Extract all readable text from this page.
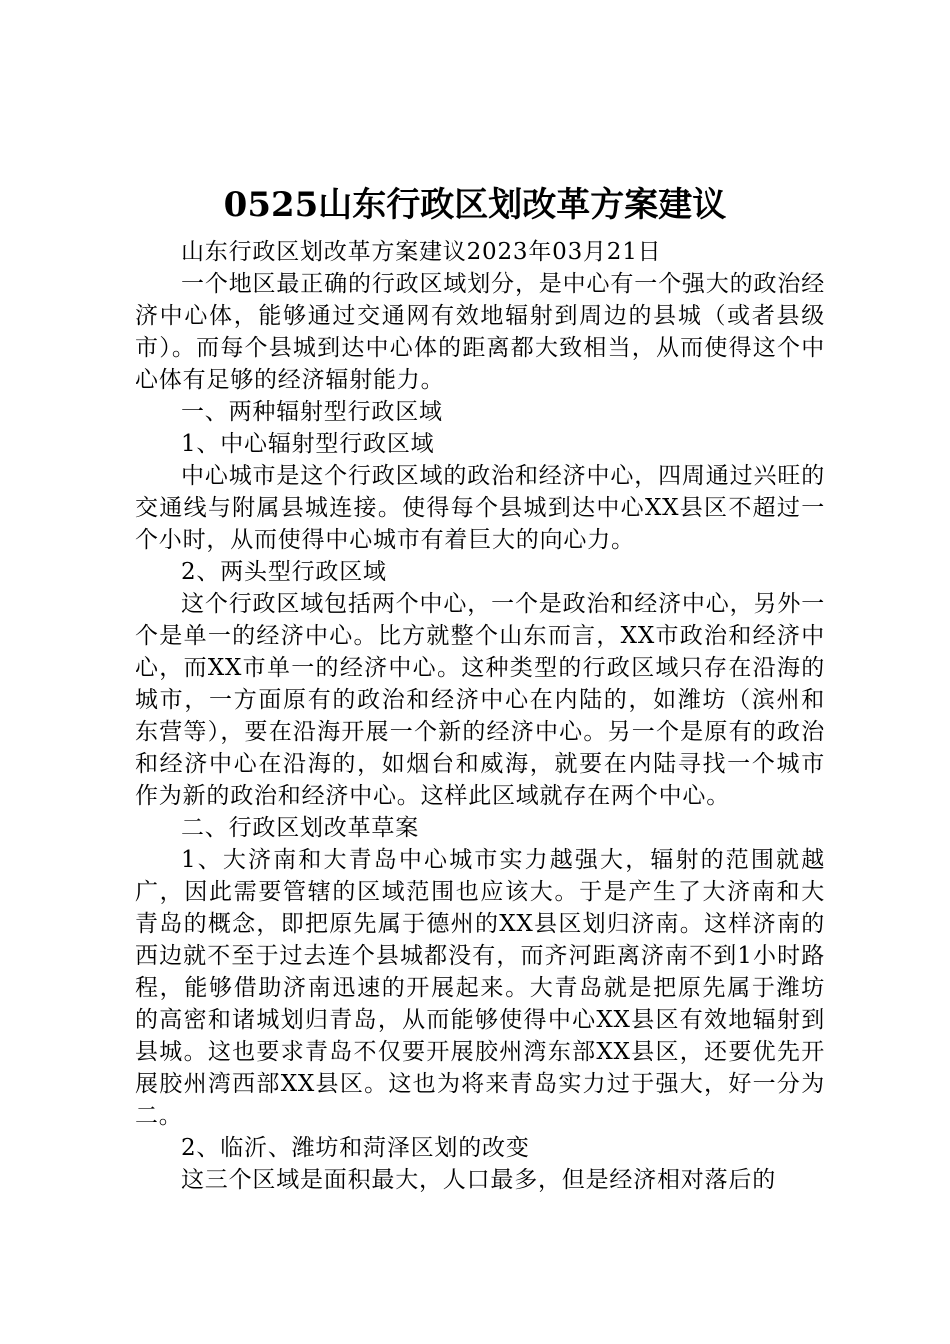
0525山东行政区划改革方案建议

山东行政区划改革方案建议2023年03月21日

一个地区最正确的行政区域划分，是中心有一个强大的政治经济中心体，能够通过交通网有效地辐射到周边的县城（或者县级市）。而每个县城到达中心体的距离都大致相当，从而使得这个中心体有足够的经济辐射能力。

一、两种辐射型行政区域

1、中心辐射型行政区域

中心城市是这个行政区域的政治和经济中心，四周通过兴旺的交通线与附属县城连接。使得每个县城到达中心XX县区不超过一个小时，从而使得中心城市有着巨大的向心力。

2、两头型行政区域

这个行政区域包括两个中心，一个是政治和经济中心，另外一个是单一的经济中心。比方就整个山东而言，XX市政治和经济中心，而XX市单一的经济中心。这种类型的行政区域只存在沿海的城市，一方面原有的政治和经济中心在内陆的，如潍坊（滨州和东营等），要在沿海开展一个新的经济中心。另一个是原有的政治和经济中心在沿海的，如烟台和威海，就要在内陆寻找一个城市作为新的政治和经济中心。这样此区域就存在两个中心。

二、行政区划改革草案

1、大济南和大青岛中心城市实力越强大，辐射的范围就越广，因此需要管辖的区域范围也应该大。于是产生了大济南和大青岛的概念，即把原先属于德州的XX县区划归济南。这样济南的西边就不至于过去连个县城都没有，而齐河距离济南不到1小时路程，能够借助济南迅速的开展起来。大青岛就是把原先属于潍坊的高密和诸城划归青岛，从而能够使得中心XX县区有效地辐射到县城。这也要求青岛不仅要开展胶州湾东部XX县区，还要优先开展胶州湾西部XX县区。这也为将来青岛实力过于强大，好一分为二。

2、临沂、潍坊和菏泽区划的改变

这三个区域是面积最大，人口最多，但是经济相对落后的
